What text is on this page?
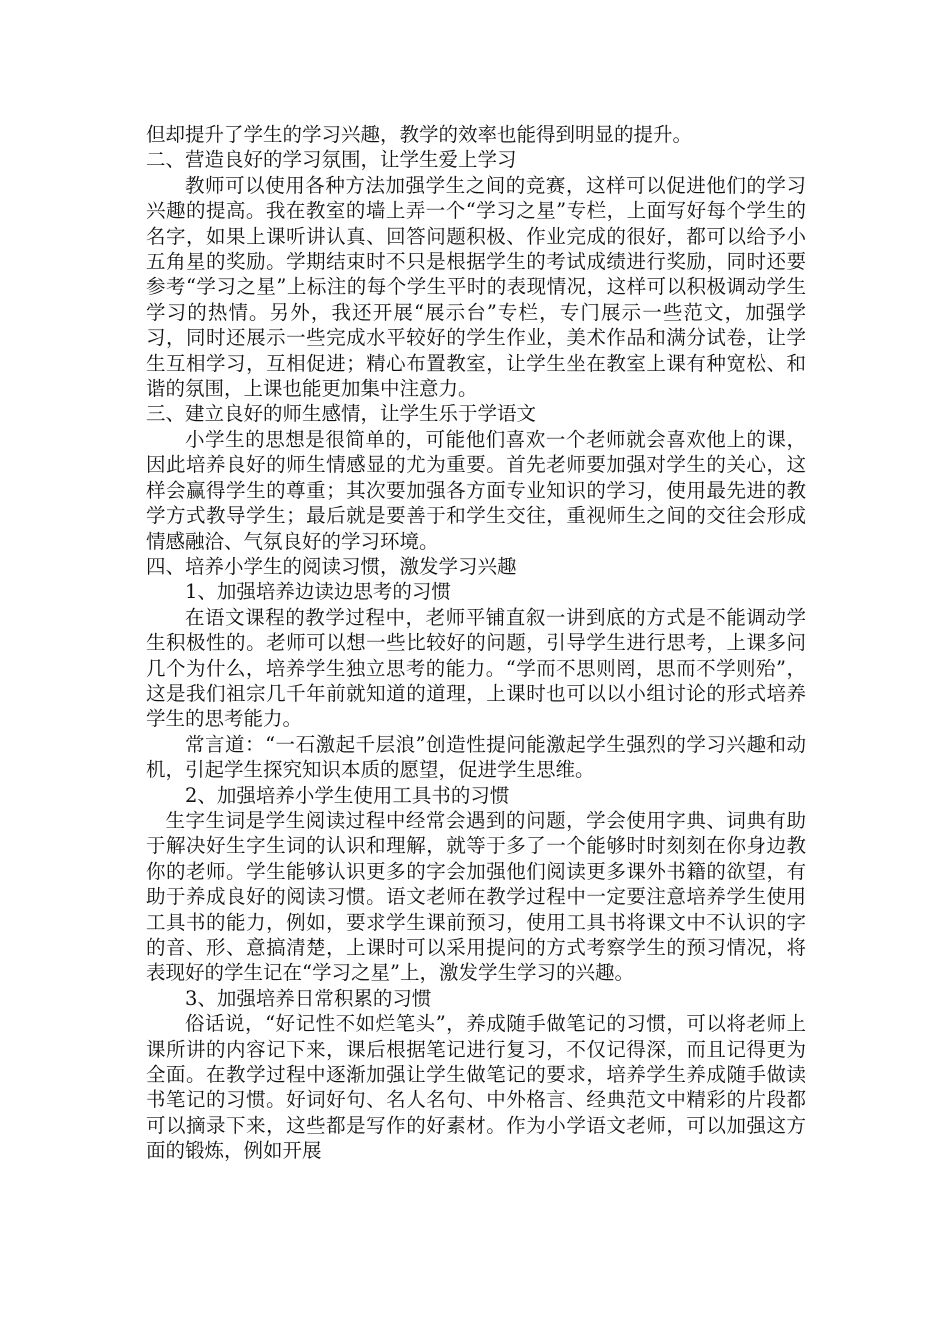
但却提升了学生的学习兴趣，教学的效率也能得到明显的提升。

二、营造良好的学习氛围，让学生爱上学习

教师可以使用各种方法加强学生之间的竞赛，这样可以促进他们的学习兴趣的提高。我在教室的墙上弄一个“学习之星”专栏，上面写好每个学生的名字，如果上课听讲认真、回答问题积极、作业完成的很好，都可以给予小五角星的奖励。学期结束时不只是根据学生的考试成绩进行奖励，同时还要参考“学习之星”上标注的每个学生平时的表现情况，这样可以积极调动学生学习的热情。另外，我还开展“展示台”专栏，专门展示一些范文，加强学习，同时还展示一些完成水平较好的学生作业，美术作品和满分试卷，让学生互相学习，互相促进；精心布置教室，让学生坐在教室上课有种宽松、和谐的氛围，上课也能更加集中注意力。

三、建立良好的师生感情，让学生乐于学语文

小学生的思想是很简单的，可能他们喜欢一个老师就会喜欢他上的课，因此培养良好的师生情感显的尤为重要。首先老师要加强对学生的关心，这样会赢得学生的尊重；其次要加强各方面专业知识的学习，使用最先进的教学方式教导学生；最后就是要善于和学生交往，重视师生之间的交往会形成情感融洽、气氛良好的学习环境。

四、培养小学生的阅读习惯，激发学习兴趣

1、加强培养边读边思考的习惯

在语文课程的教学过程中，老师平铺直叙一讲到底的方式是不能调动学生积极性的。老师可以想一些比较好的问题，引导学生进行思考，上课多问几个为什么，培养学生独立思考的能力。“学而不思则罔，思而不学则殆”，这是我们祖宗几千年前就知道的道理，上课时也可以以小组讨论的形式培养学生的思考能力。

常言道：“一石激起千层浪”创造性提问能激起学生强烈的学习兴趣和动机，引起学生探究知识本质的愿望，促进学生思维。

2、加强培养小学生使用工具书的习惯

生字生词是学生阅读过程中经常会遇到的问题，学会使用字典、词典有助于解决好生字生词的认识和理解，就等于多了一个能够时时刻刻在你身边教你的老师。学生能够认识更多的字会加强他们阅读更多课外书籍的欲望，有助于养成良好的阅读习惯。语文老师在教学过程中一定要注意培养学生使用工具书的能力，例如，要求学生课前预习，使用工具书将课文中不认识的字的音、形、意搞清楚，上课时可以采用提问的方式考察学生的预习情况，将表现好的学生记在“学习之星”上，激发学生学习的兴趣。

3、加强培养日常积累的习惯

俗话说，“好记性不如烂笔头”，养成随手做笔记的习惯，可以将老师上课所讲的内容记下来，课后根据笔记进行复习，不仅记得深，而且记得更为全面。在教学过程中逐渐加强让学生做笔记的要求，培养学生养成随手做读书笔记的习惯。好词好句、名人名句、中外格言、经典范文中精彩的片段都可以摘录下来，这些都是写作的好素材。作为小学语文老师，可以加强这方面的锻炼，例如开展
